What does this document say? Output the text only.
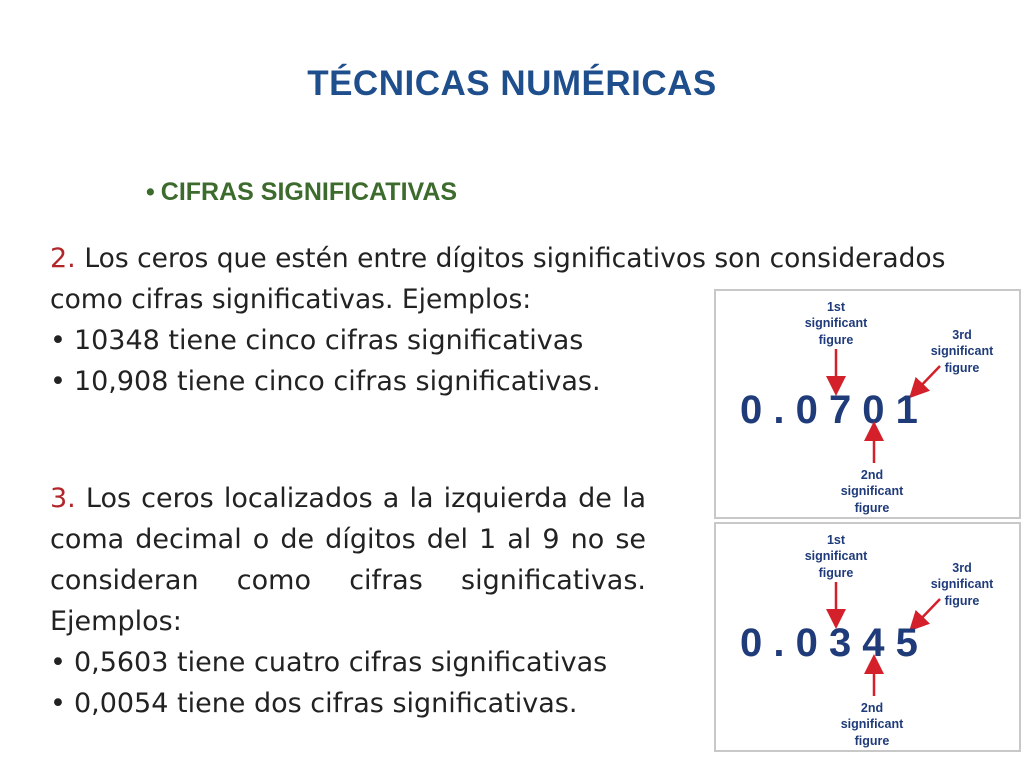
TÉCNICAS NUMÉRICAS
• CIFRAS SIGNIFICATIVAS
2. Los ceros que estén entre dígitos significativos son considerados como cifras significativas. Ejemplos:
• 10348 tiene cinco cifras significativas
• 10,908 tiene cinco cifras significativas.
3. Los ceros localizados a la izquierda de la coma decimal o de dígitos del 1 al 9 no se consideran como cifras significativas. Ejemplos:
• 0,5603 tiene cuatro cifras significativas
• 0,0054 tiene dos cifras significativas.
1st
significant
figure	3rd
significant
figure
0 . 0 7 0 1
2nd
significant
figure
1st
significant
figure	3rd
significant
figure
0 . 0 3 4 5
2nd
significant
figure
